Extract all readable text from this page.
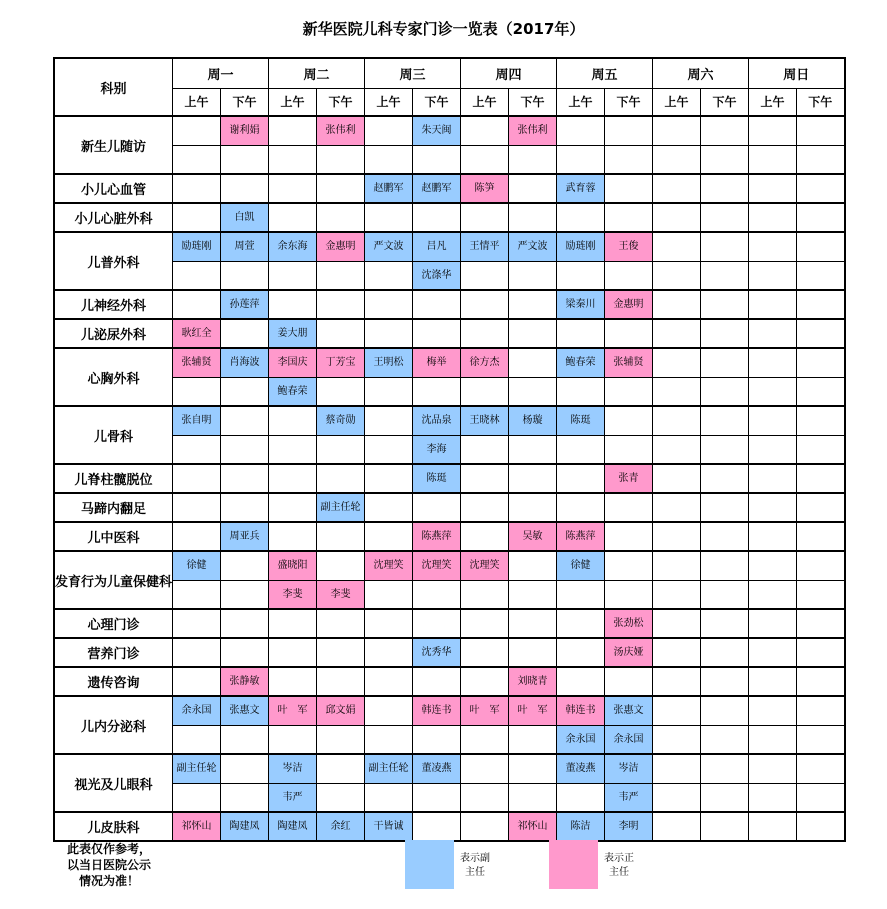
新华医院儿科专家门诊一览表（2017年）
科别	周一		周二		周三		周四		周五		周六		周日	
	上午	下午	上午	下午	上午	下午	上午	下午	上午	下午	上午	下午	上午	下午

新生儿随访		谢利娟		张伟利		朱天闽		张伟利						

小儿心血管					赵鹏军	赵鹏军	陈笋		武育蓉					

小儿心脏外科		白凯												

儿普外科	励琏刚	周萱	余东海	金惠明	严文波	吕凡	王情平	严文波	励琏刚	王俊				
						沈涤华								

儿神经外科		孙莲萍							梁秦川	金惠明				

儿泌尿外科	耿红全		姜大朋											

心胸外科	张辅贤	肖海波	李国庆	丁芳宝	王明松	梅举	徐方杰		鲍春荣	张辅贤				
			鲍春荣											

儿骨科	张自明			蔡奇勋		沈品泉	王晓林	杨璇	陈珽					
						李海								

儿脊柱髋脱位						陈珽				张青				

马蹄内翻足				副主任轮										

儿中医科		周亚兵				陈燕萍		吴敏	陈燕萍					

发育行为儿童保健科	徐健		盛晓阳		沈理笑	沈理笑	沈理笑		徐健					
			李斐	李斐										

心理门诊										张劲松				

营养门诊						沈秀华				汤庆娅				

遗传咨询		张静敏						刘晓青						

儿内分泌科	余永国	张惠文	叶　军	邱文娟		韩连书	叶　军	叶　军	韩连书	张惠文				
									余永国	余永国				

视光及儿眼科	副主任轮		岑洁		副主任轮	董凌燕			董凌燕	岑洁				
			韦严							韦严				

儿皮肤科	祁怀山	陶建凤	陶建凤	余红	干皆诚			祁怀山	陈洁	李明				
此表仅作参考，
以当日医院公示
情况为准！
表示副
主任
表示正
主任
